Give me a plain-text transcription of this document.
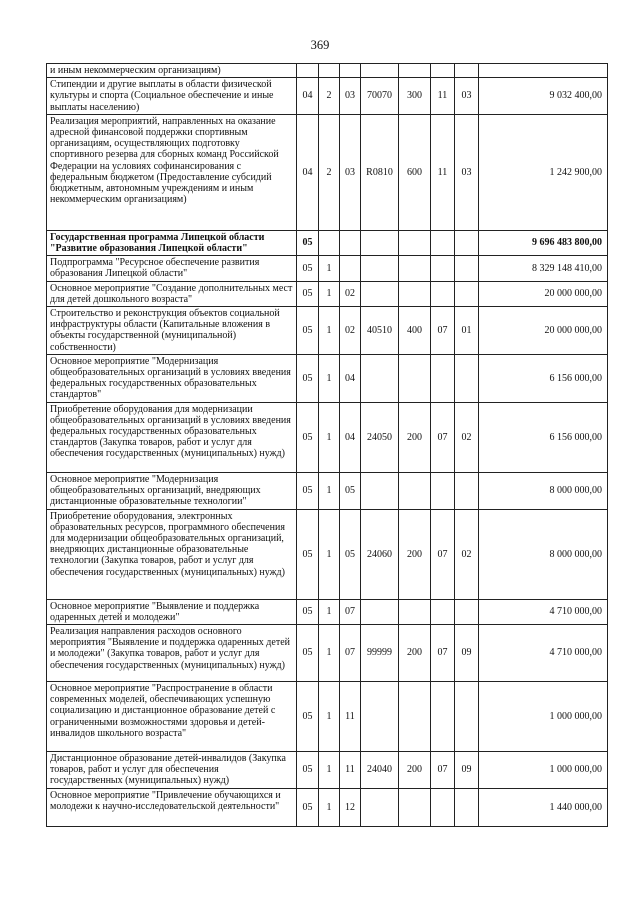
369
и иным некоммерческим организациям)								
Стипендии и другие выплаты в области физической культуры и спорта (Социальное обеспечение и иные выплаты населению)	04	2	03	70070	300	11	03	9 032 400,00
Реализация мероприятий, направленных на оказание адресной финансовой поддержки спортивным организациям, осуществляющих подготовку спортивного резерва для сборных команд Российской Федерации на условиях софинансирования с федеральным бюджетом (Предоставление субсидий бюджетным, автономным учреждениям и иным некоммерческим организациям)	04	2	03	R0810	600	11	03	1 242 900,00
Государственная программа Липецкой области "Развитие образования Липецкой области"	05							9 696 483 800,00
Подпрограмма "Ресурсное обеспечение развития образования Липецкой области"	05	1						8 329 148 410,00
Основное мероприятие "Создание дополнительных мест для детей дошкольного возраста"	05	1	02					20 000 000,00
Строительство и реконструкция объектов социальной инфраструктуры области (Капитальные вложения в объекты государственной (муниципальной) собственности)	05	1	02	40510	400	07	01	20 000 000,00
Основное мероприятие "Модернизация общеобразовательных организаций в условиях введения федеральных государственных образовательных стандартов"	05	1	04					6 156 000,00
Приобретение оборудования для модернизации общеобразовательных организаций в условиях введения федеральных государственных образовательных стандартов (Закупка товаров, работ и услуг для обеспечения государственных (муниципальных) нужд)	05	1	04	24050	200	07	02	6 156 000,00
Основное мероприятие "Модернизация общеобразовательных организаций, внедряющих дистанционные образовательные технологии"	05	1	05					8 000 000,00
Приобретение оборудования, электронных образовательных ресурсов, программного обеспечения для модернизации общеобразовательных организаций, внедряющих дистанционные образовательные технологии (Закупка товаров, работ и услуг для обеспечения государственных (муниципальных) нужд)	05	1	05	24060	200	07	02	8 000 000,00
Основное мероприятие "Выявление и поддержка одаренных детей и молодежи"	05	1	07					4 710 000,00
Реализация направления расходов основного мероприятия "Выявление и поддержка одаренных детей и молодежи" (Закупка товаров, работ и услуг для обеспечения государственных (муниципальных) нужд)	05	1	07	99999	200	07	09	4 710 000,00
Основное мероприятие "Распространение в области современных моделей, обеспечивающих успешную социализацию и дистанционное образование детей с ограниченными возможностями здоровья и детей-инвалидов школьного возраста"	05	1	11					1 000 000,00
Дистанционное образование детей-инвалидов (Закупка товаров, работ и услуг для обеспечения государственных (муниципальных) нужд)	05	1	11	24040	200	07	09	1 000 000,00
Основное мероприятие "Привлечение обучающихся и молодежи к научно-исследовательской деятельности"	05	1	12					1 440 000,00
